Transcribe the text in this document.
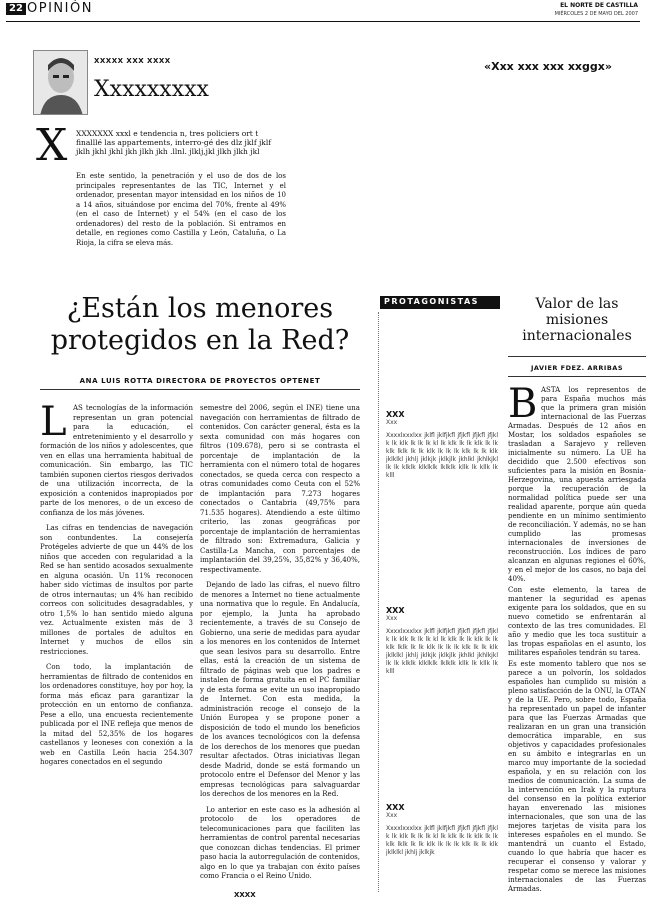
22 OPINIÓN	EL NORTE DE CASTILLA
MIÉRCOLES 2 DE MAYO DEL 2007
XXXXX XXX XXXX
Xxxxxxxxx
X XXXXXXX xxxl e tendencia n, tres policiers ort t finalllé las appartements, interro-gé des dlz jklf jklf jklh jkhl jkhl jkh jlkh jkh .llnl. jlklj,jkl jlkh jlkh jkl

En este sentido, la penetración y el uso de dos de los principales representantes de las TIC, Internet y el ordenador, presentan mayor intensidad en los niños de 10 a 14 años, situándose por encima del 70%, frente al 49% (en el caso de Internet) y el 54% (en el caso de los ordenadores) del resto de la población. Si entramos en detalle, en regiones como Castilla y León, Cataluña, o La Rioja, la cifra se eleva más.

«Xxx xxx xxx xxggx»
¿Están los menores protegidos en la Red?
ANA LUIS ROTTA DIRECTORA DE PROYECTOS OPTENET

LAS tecnologías de la información representan un gran potencial para la educación, el entretenimiento y el desarrollo y formación de los niños y adolescentes, que ven en ellas una herramienta habitual de comunicación. Sin embargo, las TIC también suponen ciertos riesgos derivados de una utilización incorrecta, de la exposición a contenidos inapropiados por parte de los menores, o de un exceso de confianza de los más jóvenes.

Las cifras en tendencias de navegación son contundentes. La consejería Protégeles advierte de que un 44% de los niños que acceden con regularidad a la Red se han sentido acosados sexualmente en alguna ocasión. Un 11% reconocen haber sido víctimas de insultos por parte de otros internautas; un 4% han recibido correos con solicitudes desagradables, y otro 1,5% lo han sentido miedo alguna vez. Actualmente existen más de 3 millones de portales de adultos en Internet y muchos de ellos sin restricciones.

Con todo, la implantación de herramientas de filtrado de contenidos en los ordenadores constituye, hoy por hoy, la forma más eficaz para garantizar la protección en un entorno de confianza. Pese a ello, una encuesta recientemente publicada por el INE refleja que menos de la mitad del 52,35% de los hogares castellanos y leoneses con conexión a la web en Castilla León hacia 254.307 hogares conectados en el segundo

semestre del 2006, según el INE) tiene una navegación con herramientas de filtrado de contenidos. Con carácter general, ésta es la sexta comunidad con más hogares con filtros (109.678), pero si se contrasta el porcentaje de implantación de la herramienta con el número total de hogares conectados, se queda cerca con respecto a otras comunidades como Ceuta con el 52% de implantación para 7.273 hogares conectados o Cantabria (49,75% para 71.535 hogares). Atendiendo a este último criterio, las zonas geográficas por porcentaje de implantación de herramientas de filtrado son: Extremadura, Galicia y Castilla-La Mancha, con porcentajes de implantación del 39,25%, 35,82% y 36,40%, respectivamente.

Dejando de lado las cifras, el nuevo filtro de menores a Internet no tiene actualmente una normativa que lo regule. En Andalucía, por ejemplo, la Junta ha aprobado recientemente, a través de su Consejo de Gobierno, una serie de medidas para ayudar a los menores en los contenidos de Internet que sean lesivos para su desarrollo. Entre ellas, está la creación de un sistema de filtrado de páginas web que los padres e instalen de forma gratuita en el PC familiar y de esta forma se evite un uso inapropiado de Internet. Con esta medida, la administración recoge el consejo de la Unión Europea y se propone poner a disposición de todo el mundo los beneficios de los avances tecnológicos con la defensa de los derechos de los menores que puedan resultar afectados. Otras iniciativas llegan desde Madrid, donde se está formando un protocolo entre el Defensor del Menor y las empresas tecnológicas para salvaguardar los derechos de los menores en la Red.

Lo anterior en este caso es la adhesión al protocolo de los operadores de telecomunicaciones para que faciliten las herramientas de control parental necesarias que conozcan dichas tendencias. El primer paso hacia la autorregulación de contenidos, algo en lo que ya trabajan con éxito países como Francia o el Reino Unido.

XXXX
PROTAGONISTAS
XXX
Xxx
Xxxxlxxxlxx jklfl jklfjkfl jfjkfl jfjkfl jfjkl k lk klk lk lk lk kl lk klk lk lk klk lk lk klk lklk lk lk klk lk lk lk klk lk lk klk jklklkl jkhlj jklkjk jklkjlk jkhlkl jkhlkjkl lk lk klklk klklklk lklklk kllk lk kllk lk klll
XXX
Xxx
Xxxxlxxxlxx jklfl jklfjkfl jfjkfl jfjkfl jfjkl k lk klk lk lk lk kl lk klk lk lk klk lk lk klk lklk lk lk klk lk lk lk klk lk lk klk jklklkl jkhlj jklkjk jklkjlk jkhlkl jkhlkjkl lk lk klklk klklklk lklklk kllk lk kllk lk klll
XXX
Xxx
Xxxxlxxxlxx jklfl jklfjkfl jfjkfl jfjkfl jfjkl k lk klk lk lk lk kl lk klk lk lk klk lk lk klk lklk lk lk klk lk lk lk klk lk lk klk jklklkl jkhlj jklkjk
Valor de las misiones internacionales
JAVIER FDEZ. ARRIBAS

BASTA los representos de para España muchos más que la primera gran misión internacional de las Fuerzas Armadas. Después de 12 años en Mostar, los soldados españoles se trasladan a Sarajevo y relleven inicialmente su número. La UE ha decidido que 2.500 efectivos son suficientes para la misión en Bosnia-Herzegovina, una apuesta arriesgada porque la recuperación de la normalidad política puede ser una realidad aparente, porque aún queda pendiente en un mínimo sentimiento de reconciliación. Y además, no se han cumplido las promesas internacionales de inversiones de reconstrucción. Los índices de paro alcanzan en algunas regiones el 60%, y en el mejor de los casos, no baja del 40%.

Con este elemento, la tarea de mantener la seguridad es apenas exigente para los soldados, que en su nuevo cometido se enfrentarán al contexto de las tres comunidades. El año y medio que les toca sustituir a las tropas españolas en el asunto, los militares españoles tendrán su tarea.

Es este momento tablero que nos se parece a un polvorín, los soldados españoles han cumplido su misión a pleno satisfacción de la ONU, la OTAN y de la UE. Pero, sobre todo, España ha representado un papel de infanter para que las Fuerzas Armadas que realizaran en un gran una transición democrática imparable, en sus objetivos y capacidades profesionales en su ámbito e integrarlas en un marco muy importante de la sociedad española, y en su relación con los medios de comunicación. La suma de la intervención en Irak y la ruptura del consenso en la política exterior hayan enverenado las misiones internacionales, que son una de las mejores tarjetas de visita para los intereses españoles en el mundo. Se mantendrá un cuanto el Estado, cuando lo que habría que hacer es recuperar el consenso y valorar y respetar como se merece las misiones internacionales de las Fuerzas Armadas.
